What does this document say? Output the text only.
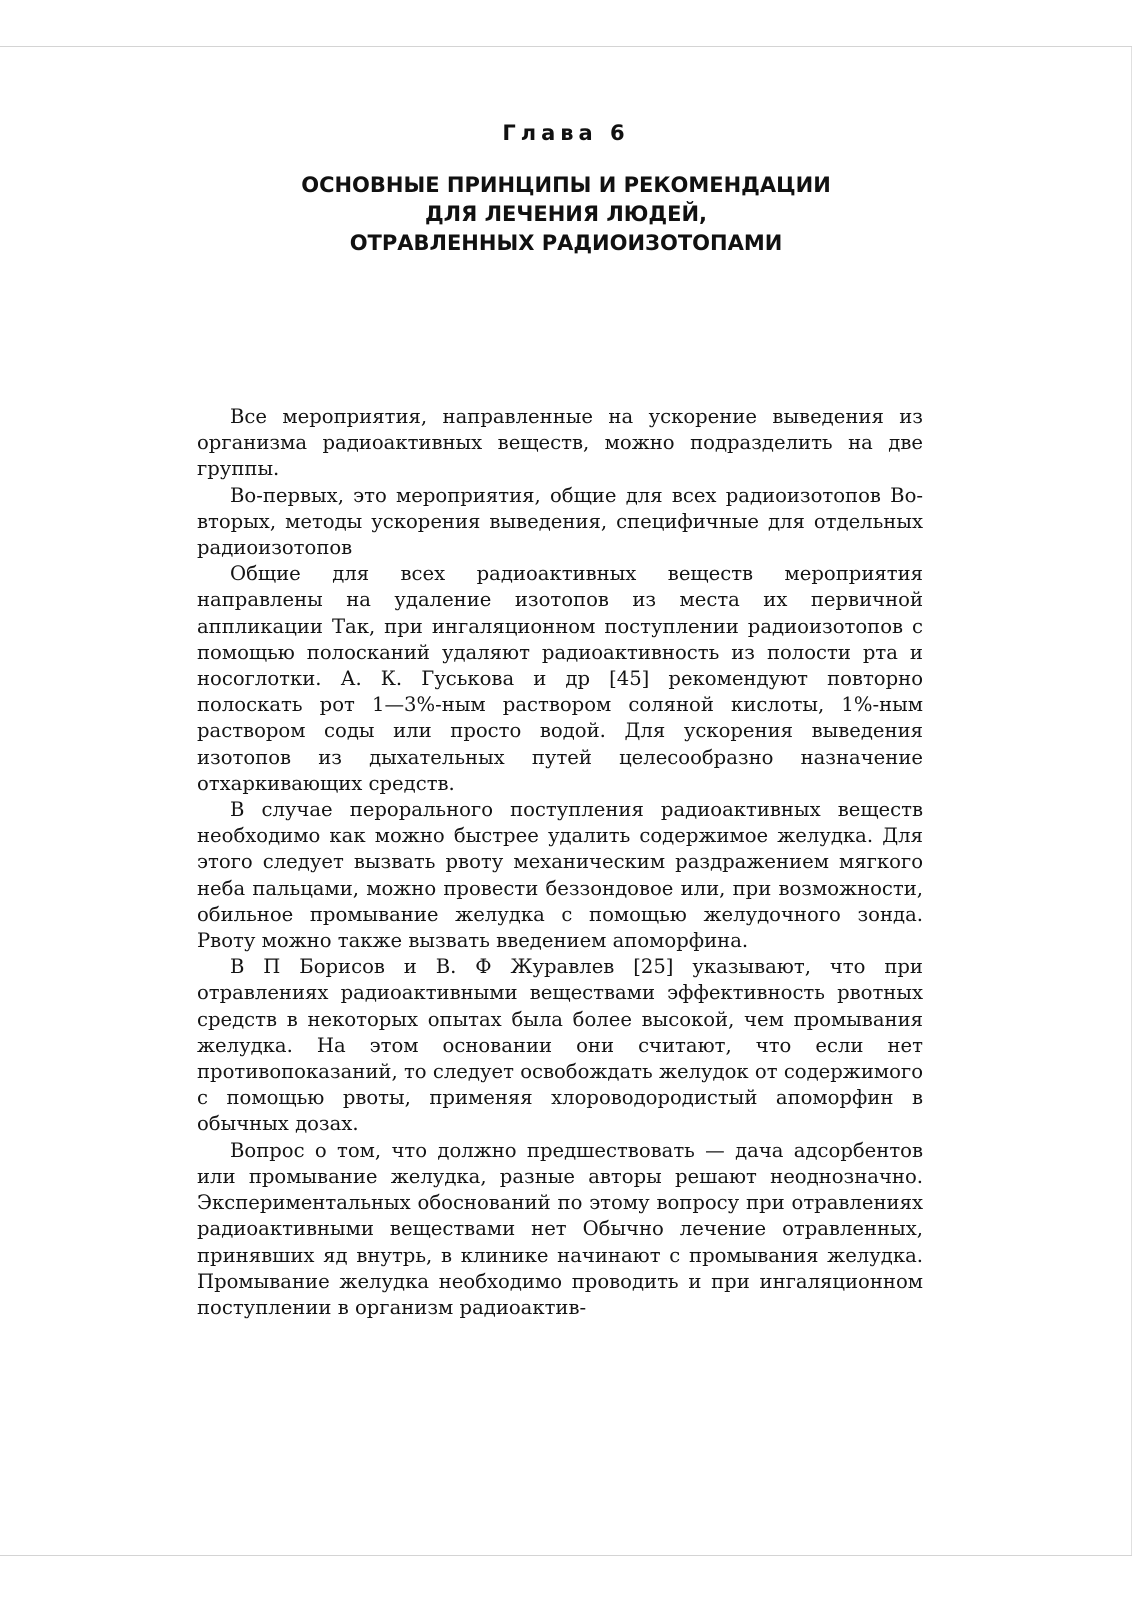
Глава 6
ОСНОВНЫЕ ПРИНЦИПЫ И РЕКОМЕНДАЦИИ
ДЛЯ ЛЕЧЕНИЯ ЛЮДЕЙ,
ОТРАВЛЕННЫХ РАДИОИЗОТОПАМИ

Все мероприятия, направленные на ускорение выведения из организма радиоактивных веществ, можно подразделить на две группы.

Во-первых, это мероприятия, общие для всех радиоизотопов Во-вторых, методы ускорения выведения, специфичные для отдельных радиоизотопов

Общие для всех радиоактивных веществ мероприятия направлены на удаление изотопов из места их первичной аппликации Так, при ингаляционном поступлении радиоизотопов с помощью полосканий удаляют радиоактивность из полости рта и носоглотки. А. К. Гуськова и др [45] рекомендуют повторно полоскать рот 1—3%-ным раствором соляной кислоты, 1%-ным раствором соды или просто водой. Для ускорения выведения изотопов из дыхательных путей целесообразно назначение отхаркивающих средств.

В случае перорального поступления радиоактивных веществ необходимо как можно быстрее удалить содержимое желудка. Для этого следует вызвать рвоту механическим раздражением мягкого неба пальцами, можно провести беззондовое или, при возможности, обильное промывание желудка с помощью желудочного зонда. Рвоту можно также вызвать введением апоморфина.

В П Борисов и В. Ф Журавлев [25] указывают, что при отравлениях радиоактивными веществами эффективность рвотных средств в некоторых опытах была более высокой, чем промывания желудка. На этом основании они считают, что если нет противопоказаний, то следует освобождать желудок от содержимого с помощью рвоты, применяя хлороводородистый апоморфин в обычных дозах.

Вопрос о том, что должно предшествовать — дача адсорбентов или промывание желудка, разные авторы решают неоднозначно. Экспериментальных обоснований по этому вопросу при отравлениях радиоактивными веществами нет Обычно лечение отравленных, принявших яд внутрь, в клинике начинают с промывания желудка. Промывание желудка необходимо проводить и при ингаляционном поступлении в организм радиоактив-
